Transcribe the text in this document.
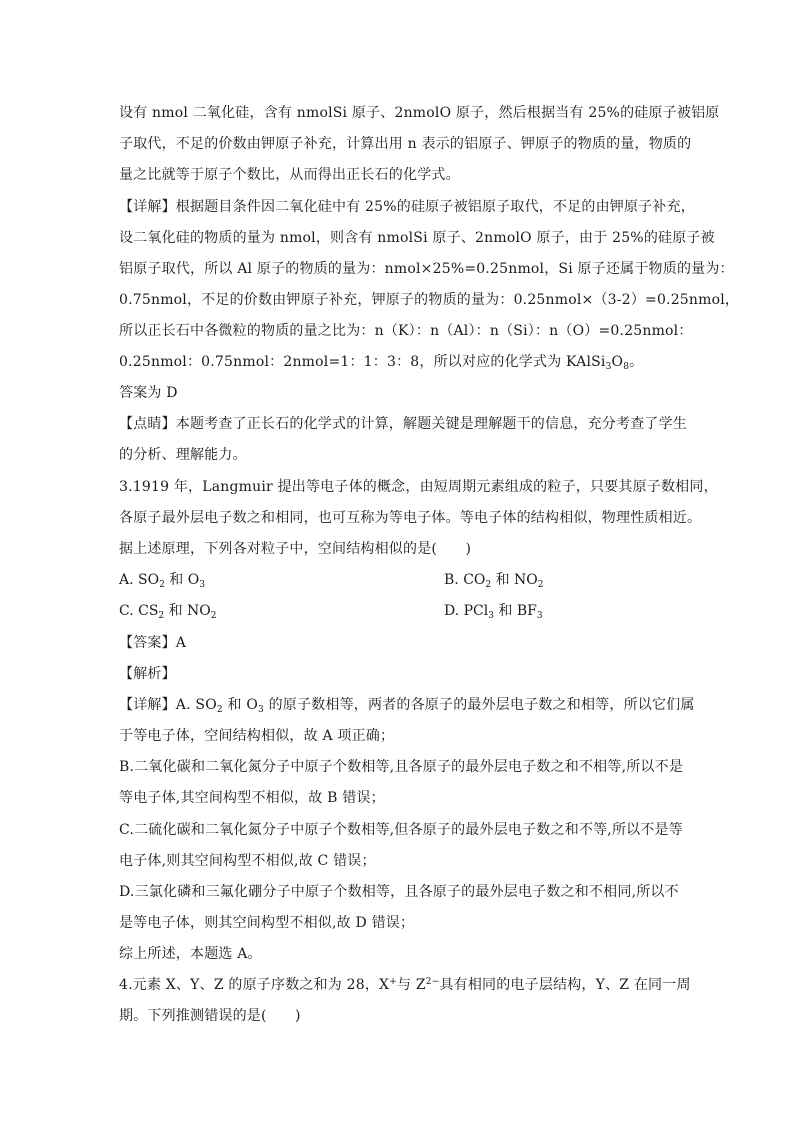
设有 nmol 二氧化硅，含有 nmolSi 原子、2nmolO 原子，然后根据当有 25%的硅原子被铝原
子取代，不足的价数由钾原子补充，计算出用 n 表示的铝原子、钾原子的物质的量，物质的
量之比就等于原子个数比，从而得出正长石的化学式。
【详解】根据题目条件因二氧化硅中有 25%的硅原子被铝原子取代，不足的由钾原子补充，
设二氧化硅的物质的量为 nmol，则含有 nmolSi 原子、2nmolO 原子，由于 25%的硅原子被
铝原子取代，所以 Al 原子的物质的量为：nmol×25%=0.25nmol，Si 原子还属于物质的量为：
0.75nmol，不足的价数由钾原子补充，钾原子的物质的量为：0.25nmol×（3-2）=0.25nmol，
所以正长石中各微粒的物质的量之比为：n（K）：n（Al）：n（Si）：n（O）=0.25nmol：
0.25nmol：0.75nmol：2nmol=1：1：3：8，所以对应的化学式为 $KAlSi_3O_8$。
答案为 D
【点睛】本题考查了正长石的化学式的计算，解题关键是理解题干的信息，充分考查了学生
的分析、理解能力。
3.1919 年，Langmuir 提出等电子体的概念，由短周期元素组成的粒子，只要其原子数相同，
各原子最外层电子数之和相同，也可互称为等电子体。等电子体的结构相似，物理性质相近。
据上述原理，下列各对粒子中，空间结构相似的是(　　)
A. $SO_2$ 和 $O_3$	B. $CO_2$ 和 $NO_2$
C. $CS_2$ 和 $NO_2$	D. PCl$_3$ 和 $BF_3$
【答案】A
【解析】
【详解】A. $SO_2$ 和 $O_3$ 的原子数相等，两者的各原子的最外层电子数之和相等，所以它们属
于等电子体，空间结构相似，故 A 项正确；
B.二氧化碳和二氧化氮分子中原子个数相等,且各原子的最外层电子数之和不相等,所以不是
等电子体,其空间构型不相似，故 B 错误；
C.二硫化碳和二氧化氮分子中原子个数相等,但各原子的最外层电子数之和不等,所以不是等
电子体,则其空间构型不相似,故 C 错误；
D.三氯化磷和三氟化硼分子中原子个数相等，且各原子的最外层电子数之和不相同,所以不
是等电子体，则其空间构型不相似,故 D 错误；
综上所述，本题选 A。
4.元素 X、Y、Z 的原子序数之和为 28，X+与 $Z^{2-}$具有相同的电子层结构，Y、Z 在同一周
期。下列推测错误的是(　　)
